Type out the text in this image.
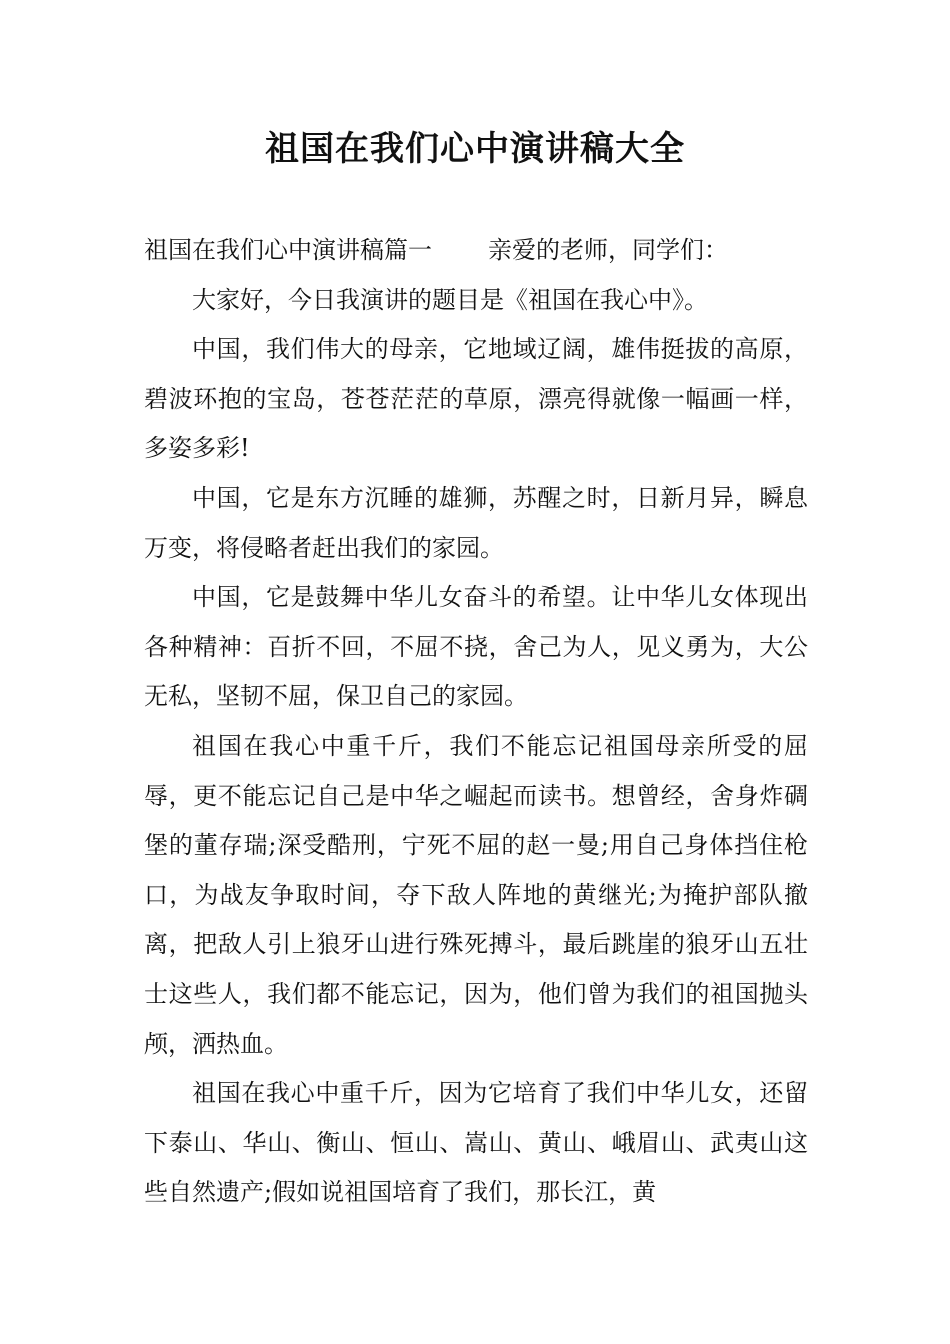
祖国在我们心中演讲稿大全

祖国在我们心中演讲稿篇一 亲爱的老师，同学们：

大家好，今日我演讲的题目是《祖国在我心中》。

中国，我们伟大的母亲，它地域辽阔，雄伟挺拔的高原，碧波环抱的宝岛，苍苍茫茫的草原，漂亮得就像一幅画一样，多姿多彩!

中国，它是东方沉睡的雄狮，苏醒之时，日新月异，瞬息万变，将侵略者赶出我们的家园。

中国，它是鼓舞中华儿女奋斗的希望。让中华儿女体现出各种精神：百折不回，不屈不挠，舍己为人，见义勇为，大公无私，坚韧不屈，保卫自己的家园。

祖国在我心中重千斤，我们不能忘记祖国母亲所受的屈辱，更不能忘记自己是中华之崛起而读书。想曾经，舍身炸碉堡的董存瑞;深受酷刑，宁死不屈的赵一曼;用自己身体挡住枪口，为战友争取时间，夺下敌人阵地的黄继光;为掩护部队撤离，把敌人引上狼牙山进行殊死搏斗，最后跳崖的狼牙山五壮士这些人，我们都不能忘记，因为，他们曾为我们的祖国抛头颅，洒热血。

祖国在我心中重千斤，因为它培育了我们中华儿女，还留下泰山、华山、衡山、恒山、嵩山、黄山、峨眉山、武夷山这些自然遗产;假如说祖国培育了我们，那长江，黄
